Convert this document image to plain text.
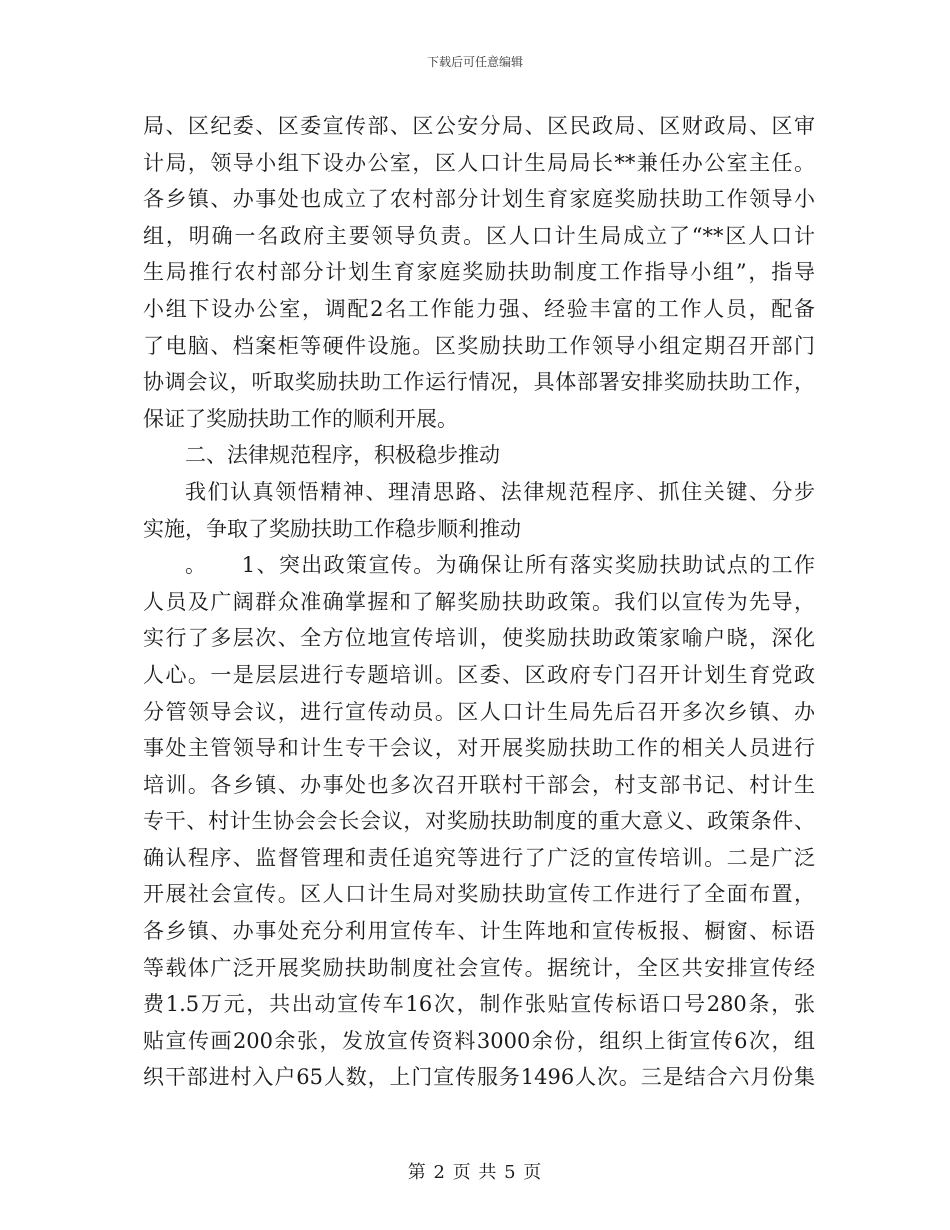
下载后可任意编辑
局、区纪委、区委宣传部、区公安分局、区民政局、区财政局、区审
计局，领导小组下设办公室，区人口计生局局长**兼任办公室主任。
各乡镇、办事处也成立了农村部分计划生育家庭奖励扶助工作领导小
组，明确一名政府主要领导负责。区人口计生局成立了“**区人口计
生局推行农村部分计划生育家庭奖励扶助制度工作指导小组”，指导
小组下设办公室，调配2名工作能力强、经验丰富的工作人员，配备
了电脑、档案柜等硬件设施。区奖励扶助工作领导小组定期召开部门
协调会议，听取奖励扶助工作运行情况，具体部署安排奖励扶助工作，
保证了奖励扶助工作的顺利开展。
二、法律规范程序，积极稳步推动
我们认真领悟精神、理清思路、法律规范程序、抓住关键、分步
实施，争取了奖励扶助工作稳步顺利推动
。　　1、突出政策宣传。为确保让所有落实奖励扶助试点的工作
人员及广阔群众准确掌握和了解奖励扶助政策。我们以宣传为先导，
实行了多层次、全方位地宣传培训，使奖励扶助政策家喻户晓，深化
人心。一是层层进行专题培训。区委、区政府专门召开计划生育党政
分管领导会议，进行宣传动员。区人口计生局先后召开多次乡镇、办
事处主管领导和计生专干会议，对开展奖励扶助工作的相关人员进行
培训。各乡镇、办事处也多次召开联村干部会，村支部书记、村计生
专干、村计生协会会长会议，对奖励扶助制度的重大意义、政策条件、
确认程序、监督管理和责任追究等进行了广泛的宣传培训。二是广泛
开展社会宣传。区人口计生局对奖励扶助宣传工作进行了全面布置，
各乡镇、办事处充分利用宣传车、计生阵地和宣传板报、橱窗、标语
等载体广泛开展奖励扶助制度社会宣传。据统计，全区共安排宣传经
费1.5万元，共出动宣传车16次，制作张贴宣传标语口号280条，张
贴宣传画200余张，发放宣传资料3000余份，组织上街宣传6次，组
织干部进村入户65人数，上门宣传服务1496人次。三是结合六月份集
第 2 页 共 5 页
